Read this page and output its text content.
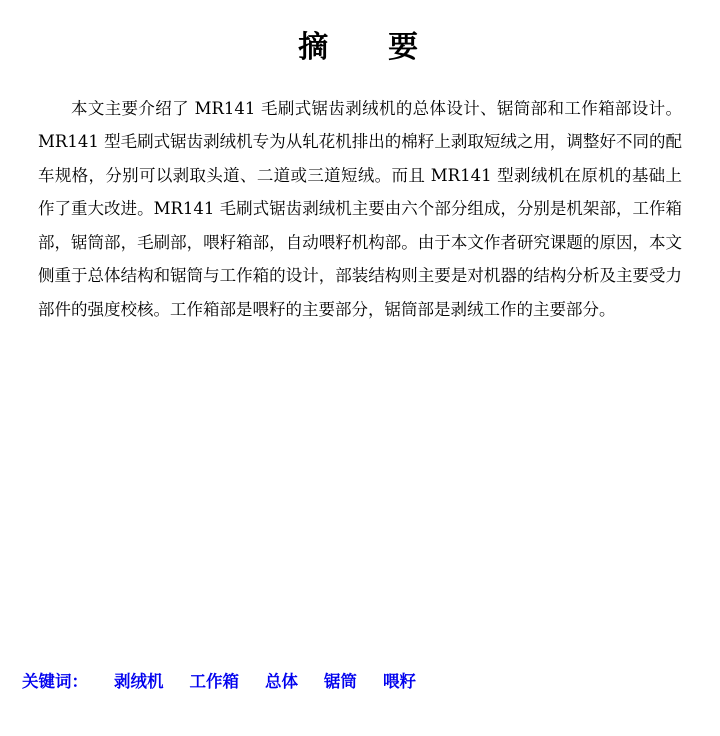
摘    要

本文主要介绍了 MR141 毛刷式锯齿剥绒机的总体设计、锯筒部和工作箱部设计。MR141 型毛刷式锯齿剥绒机专为从轧花机排出的棉籽上剥取短绒之用，调整好不同的配车规格，分别可以剥取头道、二道或三道短绒。而且 MR141 型剥绒机在原机的基础上作了重大改进。MR141 毛刷式锯齿剥绒机主要由六个部分组成，分别是机架部，工作箱部，锯筒部，毛刷部，喂籽箱部，自动喂籽机构部。由于本文作者研究课题的原因，本文侧重于总体结构和锯筒与工作箱的设计，部装结构则主要是对机器的结构分析及主要受力部件的强度校核。工作箱部是喂籽的主要部分，锯筒部是剥绒工作的主要部分。

关键词： 剥绒机 工作箱 总体 锯筒 喂籽
